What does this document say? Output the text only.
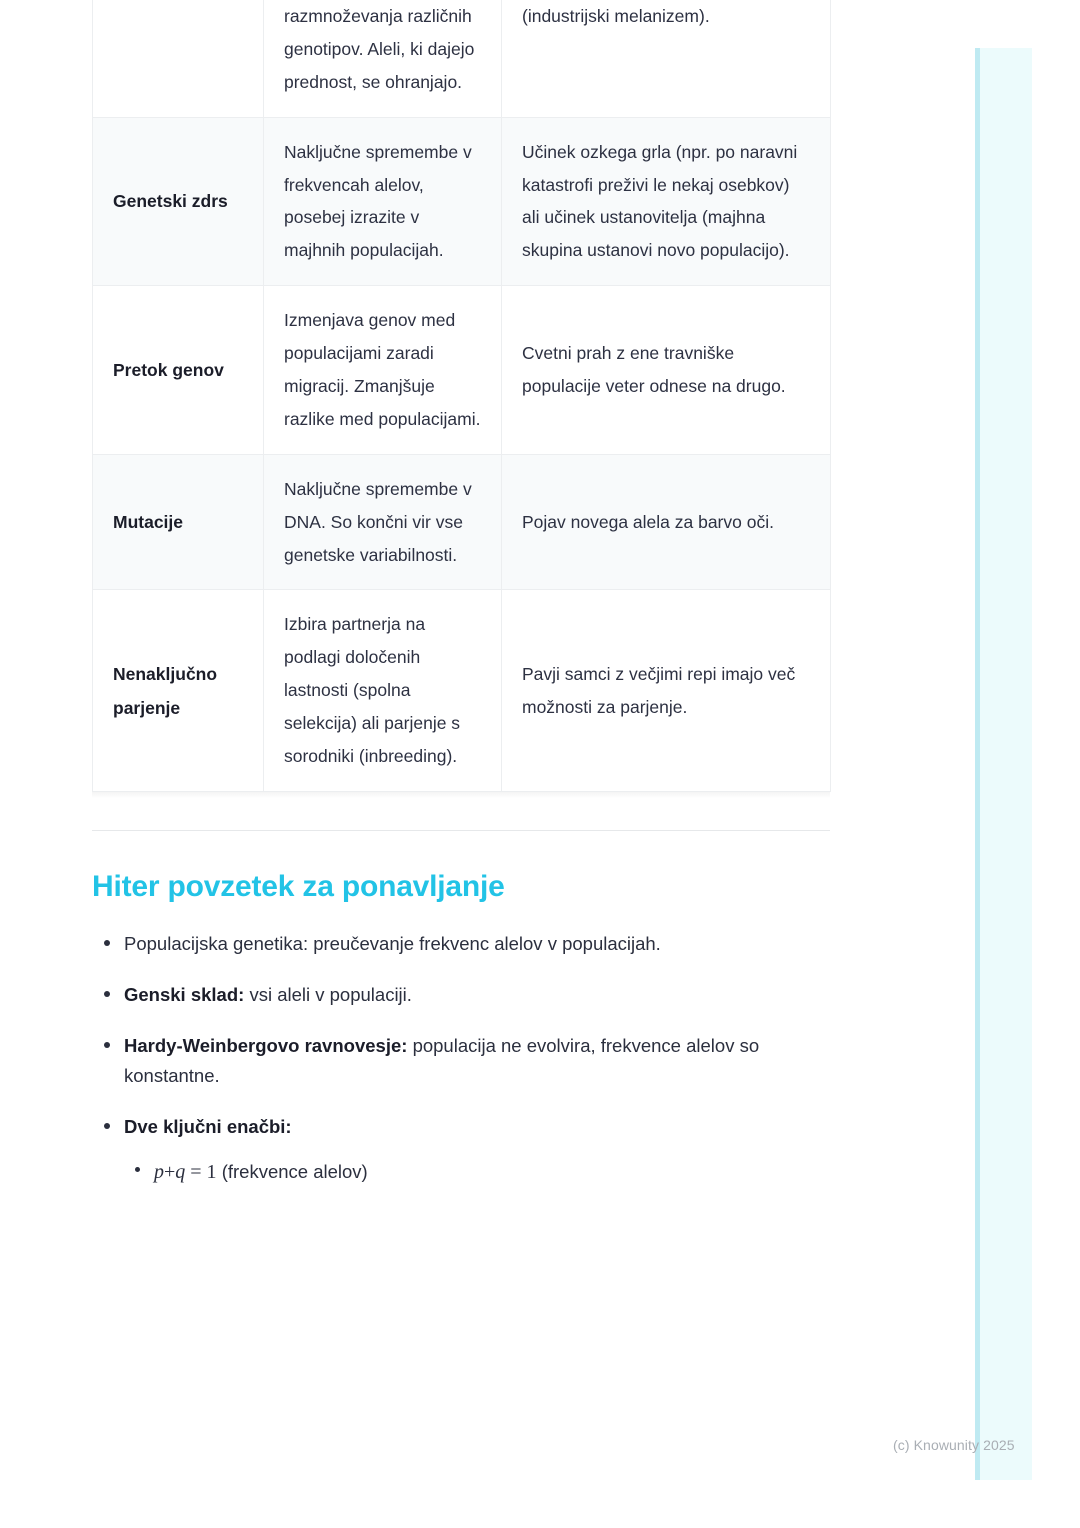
	razmnoževanja različnih genotipov. Aleli, ki dajejo prednost, se ohranjajo.	(industrijski melanizem).
Genetski zdrs	Naključne spremembe v frekvencah alelov, posebej izrazite v majhnih populacijah.	Učinek ozkega grla (npr. po naravni katastrofi preživi le nekaj osebkov) ali učinek ustanovitelja (majhna skupina ustanovi novo populacijo).
Pretok genov	Izmenjava genov med populacijami zaradi migracij. Zmanjšuje razlike med populacijami.	Cvetni prah z ene travniške populacije veter odnese na drugo.
Mutacije	Naključne spremembe v DNA. So končni vir vse genetske variabilnosti.	Pojav novega alela za barvo oči.
Nenaključno parjenje	Izbira partnerja na podlagi določenih lastnosti (spolna selekcija) ali parjenje s sorodniki (inbreeding).	Pavji samci z večjimi repi imajo več možnosti za parjenje.
Hiter povzetek za ponavljanje
Populacijska genetika: preučevanje frekvenc alelov v populacijah.
Genski sklad: vsi aleli v populaciji.
Hardy-Weinbergovo ravnovesje: populacija ne evolvira, frekvence alelov so konstantne.
Dve ključni enačbi:
p+q = 1 (frekvence alelov)
(c) Knowunity 2025
